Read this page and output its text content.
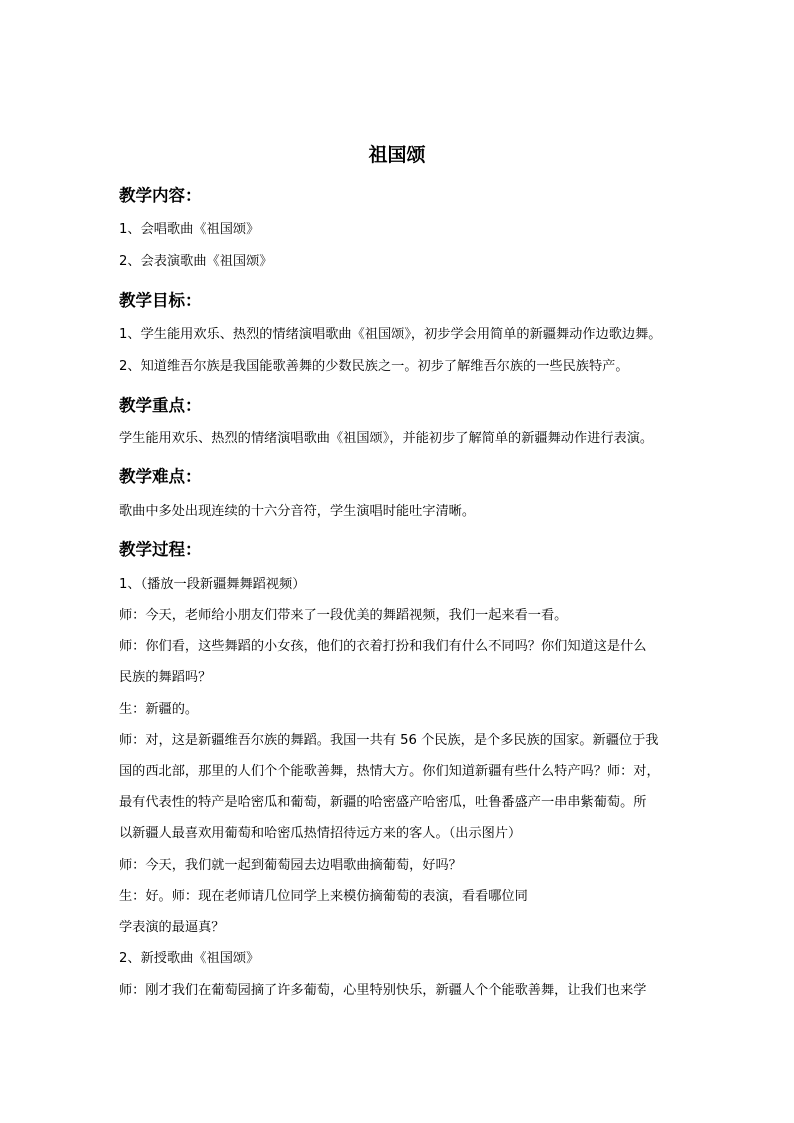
祖国颂
教学内容：
1、会唱歌曲《祖国颂》
2、会表演歌曲《祖国颂》
教学目标：
1、学生能用欢乐、热烈的情绪演唱歌曲《祖国颂》，初步学会用简单的新疆舞动作边歌边舞。
2、知道维吾尔族是我国能歌善舞的少数民族之一。初步了解维吾尔族的一些民族特产。
教学重点：
学生能用欢乐、热烈的情绪演唱歌曲《祖国颂》，并能初步了解简单的新疆舞动作进行表演。
教学难点：
歌曲中多处出现连续的十六分音符，学生演唱时能吐字清晰。
教学过程：
1、（播放一段新疆舞舞蹈视频）
师：今天，老师给小朋友们带来了一段优美的舞蹈视频，我们一起来看一看。
师：你们看，这些舞蹈的小女孩，他们的衣着打扮和我们有什么不同吗？你们知道这是什么
民族的舞蹈吗？
生：新疆的。
师：对，这是新疆维吾尔族的舞蹈。我国一共有 56 个民族，是个多民族的国家。新疆位于我
国的西北部，那里的人们个个能歌善舞，热情大方。你们知道新疆有些什么特产吗？师：对，
最有代表性的特产是哈密瓜和葡萄，新疆的哈密盛产哈密瓜，吐鲁番盛产一串串紫葡萄。所
以新疆人最喜欢用葡萄和哈密瓜热情招待远方来的客人。（出示图片）
师：今天，我们就一起到葡萄园去边唱歌曲摘葡萄，好吗？
生：好。师：现在老师请几位同学上来模仿摘葡萄的表演，看看哪位同
学表演的最逼真？
2、新授歌曲《祖国颂》
师：刚才我们在葡萄园摘了许多葡萄，心里特别快乐，新疆人个个能歌善舞，让我们也来学
